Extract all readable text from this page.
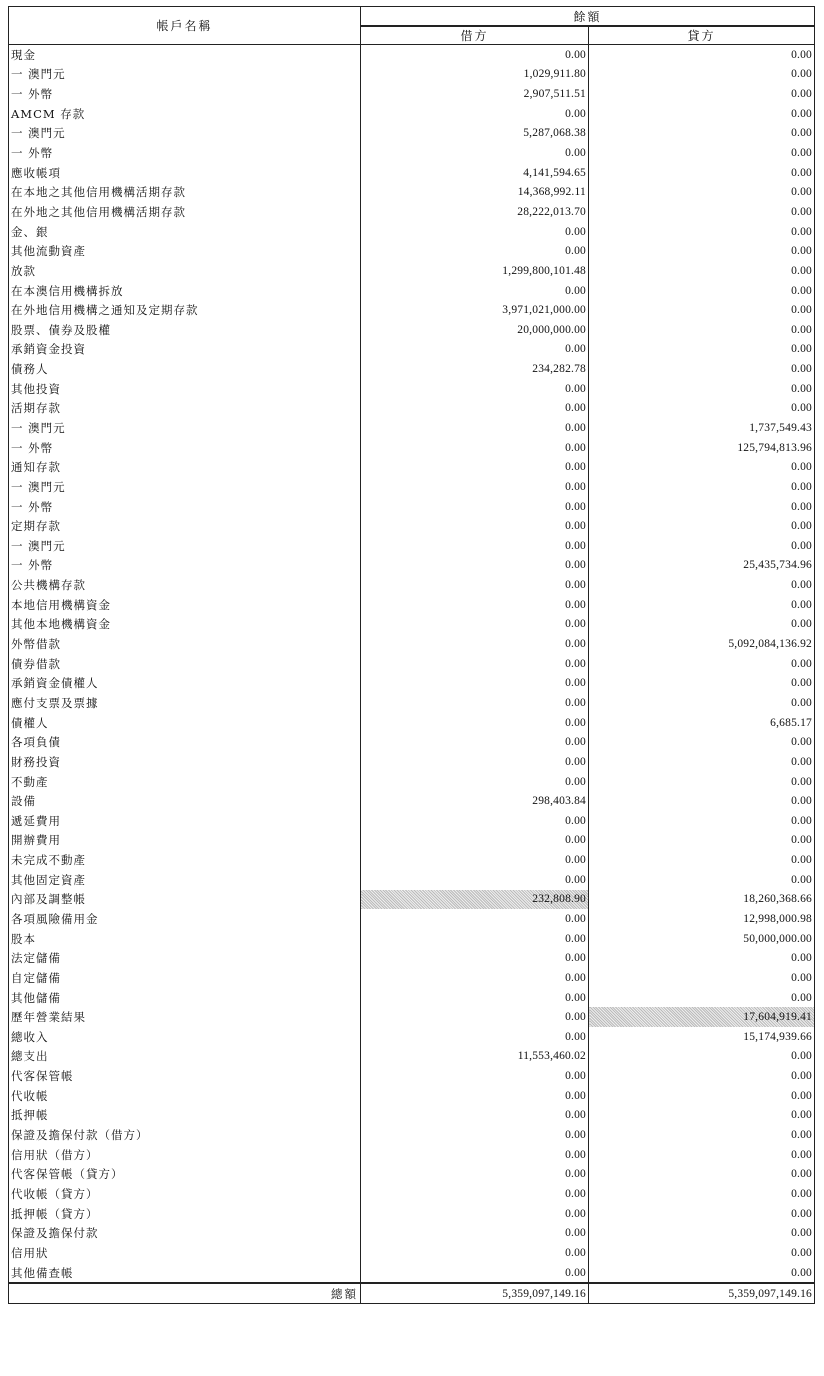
帳戶名稱	餘額	
	借方	貸方
現金	0.00	0.00
一 澳門元	1,029,911.80	0.00
一 外幣	2,907,511.51	0.00
AMCM 存款	0.00	0.00
一 澳門元	5,287,068.38	0.00
一 外幣	0.00	0.00
應收帳項	4,141,594.65	0.00
在本地之其他信用機構活期存款	14,368,992.11	0.00
在外地之其他信用機構活期存款	28,222,013.70	0.00
金、銀	0.00	0.00
其他流動資產	0.00	0.00
放款	1,299,800,101.48	0.00
在本澳信用機構拆放	0.00	0.00
在外地信用機構之通知及定期存款	3,971,021,000.00	0.00
股票、債券及股權	20,000,000.00	0.00
承銷資金投資	0.00	0.00
債務人	234,282.78	0.00
其他投資	0.00	0.00
活期存款	0.00	0.00
一 澳門元	0.00	1,737,549.43
一 外幣	0.00	125,794,813.96
通知存款	0.00	0.00
一 澳門元	0.00	0.00
一 外幣	0.00	0.00
定期存款	0.00	0.00
一 澳門元	0.00	0.00
一 外幣	0.00	25,435,734.96
公共機構存款	0.00	0.00
本地信用機構資金	0.00	0.00
其他本地機構資金	0.00	0.00
外幣借款	0.00	5,092,084,136.92
債券借款	0.00	0.00
承銷資金債權人	0.00	0.00
應付支票及票據	0.00	0.00
債權人	0.00	6,685.17
各項負債	0.00	0.00
財務投資	0.00	0.00
不動產	0.00	0.00
設備	298,403.84	0.00
遞延費用	0.00	0.00
開辦費用	0.00	0.00
未完成不動產	0.00	0.00
其他固定資產	0.00	0.00
內部及調整帳	232,808.90	18,260,368.66
各項風險備用金	0.00	12,998,000.98
股本	0.00	50,000,000.00
法定儲備	0.00	0.00
自定儲備	0.00	0.00
其他儲備	0.00	0.00
歷年營業結果	0.00	17,604,919.41
總收入	0.00	15,174,939.66
總支出	11,553,460.02	0.00
代客保管帳	0.00	0.00
代收帳	0.00	0.00
抵押帳	0.00	0.00
保證及擔保付款（借方）	0.00	0.00
信用狀（借方）	0.00	0.00
代客保管帳（貸方）	0.00	0.00
代收帳（貸方）	0.00	0.00
抵押帳（貸方）	0.00	0.00
保證及擔保付款	0.00	0.00
信用狀	0.00	0.00
其他備查帳	0.00	0.00
總額	5,359,097,149.16	5,359,097,149.16
